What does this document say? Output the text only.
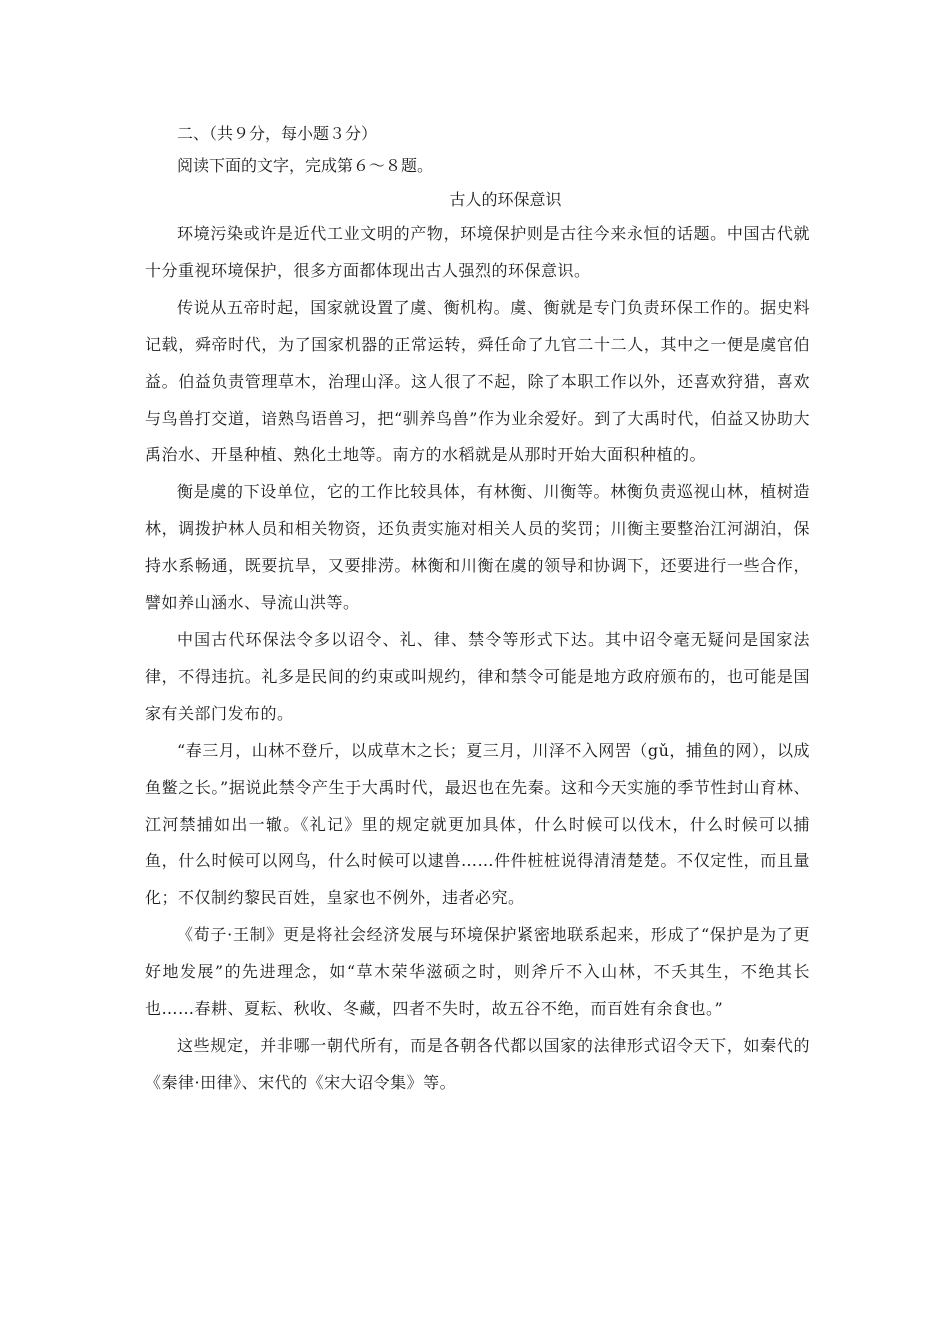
二、（共９分，每小题３分）

阅读下面的文字，完成第６～８题。

古人的环保意识

环境污染或许是近代工业文明的产物，环境保护则是古往今来永恒的话题。中国古代就十分重视环境保护，很多方面都体现出古人强烈的环保意识。

传说从五帝时起，国家就设置了虞、衡机构。虞、衡就是专门负责环保工作的。据史料记载，舜帝时代，为了国家机器的正常运转，舜任命了九官二十二人，其中之一便是虞官伯益。伯益负责管理草木，治理山泽。这人很了不起，除了本职工作以外，还喜欢狩猎，喜欢与鸟兽打交道，谙熟鸟语兽习，把“驯养鸟兽”作为业余爱好。到了大禹时代，伯益又协助大禹治水、开垦种植、熟化土地等。南方的水稻就是从那时开始大面积种植的。

衡是虞的下设单位，它的工作比较具体，有林衡、川衡等。林衡负责巡视山林，植树造林，调拨护林人员和相关物资，还负责实施对相关人员的奖罚；川衡主要整治江河湖泊，保持水系畅通，既要抗旱，又要排涝。林衡和川衡在虞的领导和协调下，还要进行一些合作，譬如养山涵水、导流山洪等。

中国古代环保法令多以诏令、礼、律、禁令等形式下达。其中诏令毫无疑问是国家法律，不得违抗。礼多是民间的约束或叫规约，律和禁令可能是地方政府颁布的，也可能是国家有关部门发布的。

“春三月，山林不登斤，以成草木之长；夏三月，川泽不入网罟（gǔ，捕鱼的网），以成鱼鳖之长。”据说此禁令产生于大禹时代，最迟也在先秦。这和今天实施的季节性封山育林、江河禁捕如出一辙。《礼记》里的规定就更加具体，什么时候可以伐木，什么时候可以捕鱼，什么时候可以网鸟，什么时候可以逮兽……件件桩桩说得清清楚楚。不仅定性，而且量化；不仅制约黎民百姓，皇家也不例外，违者必究。

《荀子·王制》更是将社会经济发展与环境保护紧密地联系起来，形成了“保护是为了更好地发展”的先进理念，如“草木荣华滋硕之时，则斧斤不入山林，不夭其生，不绝其长也……春耕、夏耘、秋收、冬藏，四者不失时，故五谷不绝，而百姓有余食也。”

这些规定，并非哪一朝代所有，而是各朝各代都以国家的法律形式诏令天下，如秦代的《秦律·田律》、宋代的《宋大诏令集》等。
